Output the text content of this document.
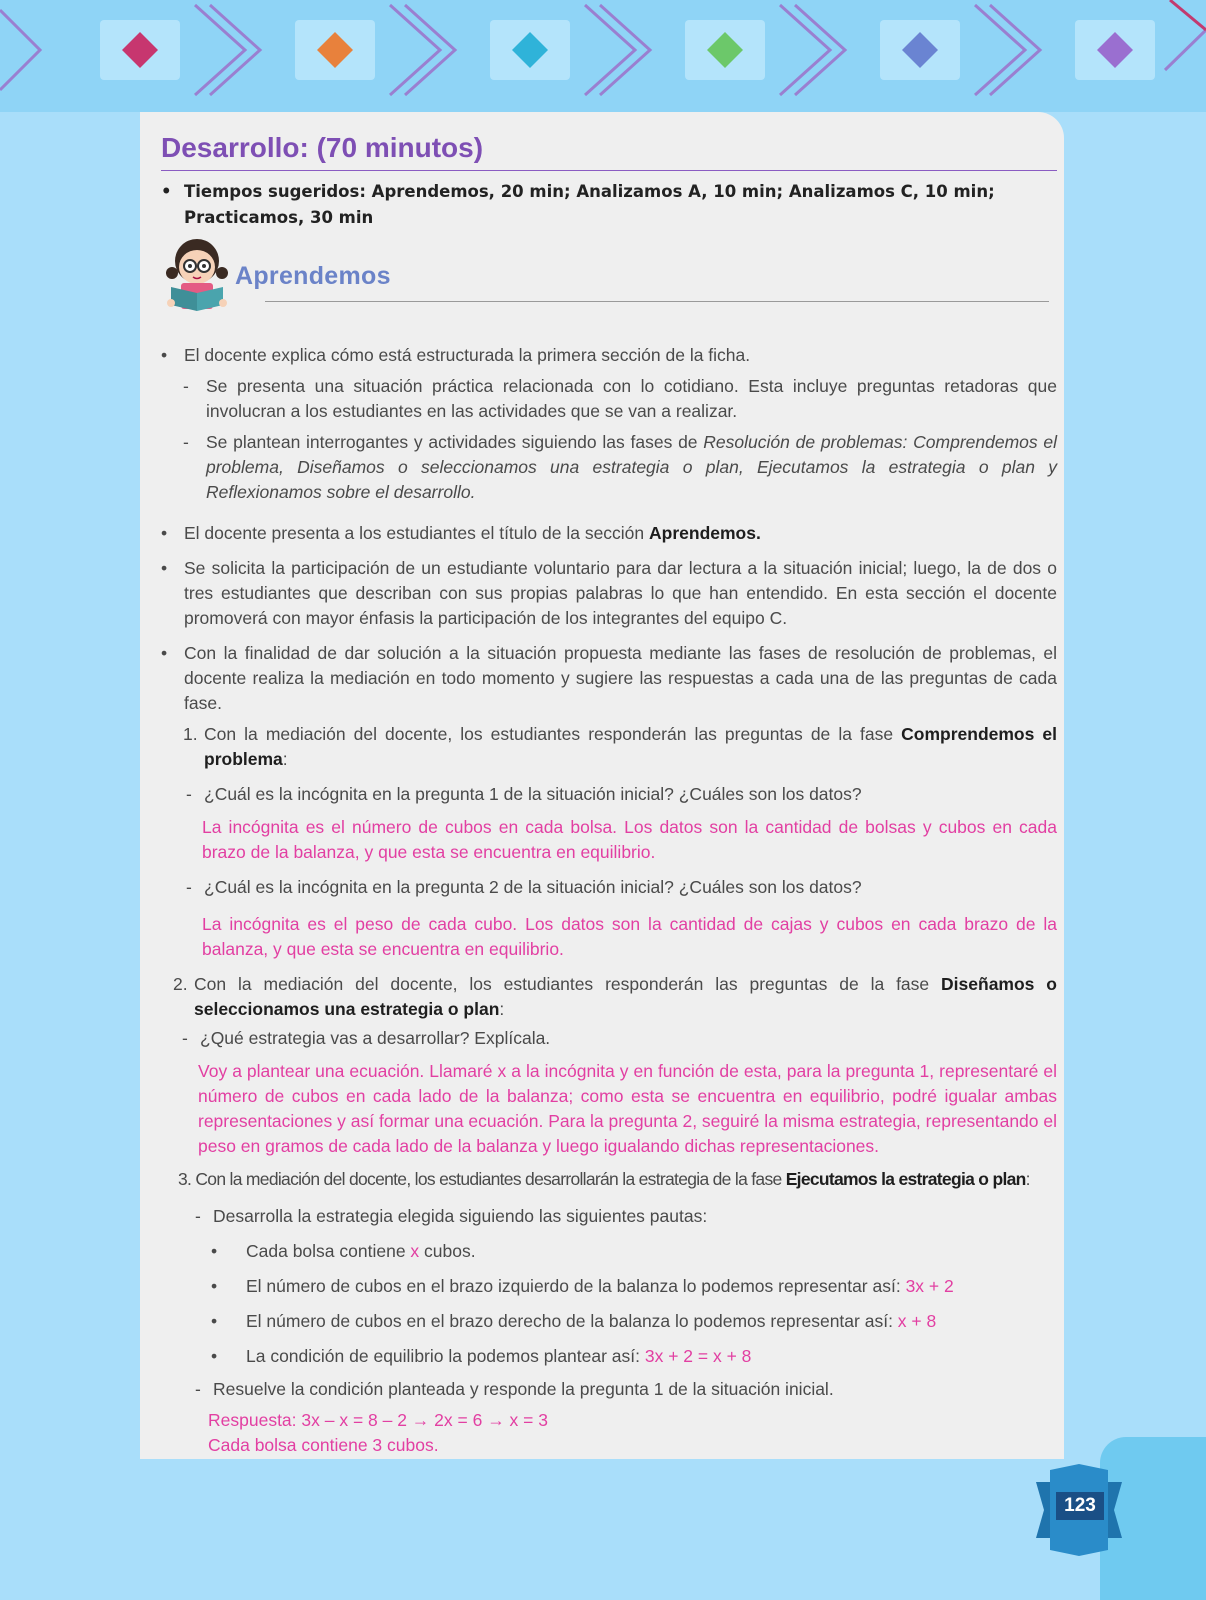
Desarrollo: (70 minutos)
• Tiempos sugeridos: Aprendemos, 20 min; Analizamos A, 10 min; Analizamos C, 10 min;
Practicamos, 30 min
Aprendemos
• El docente explica cómo está estructurada la primera sección de la ficha.
- Se presenta una situación práctica relacionada con lo cotidiano. Esta incluye preguntas retadoras que involucran a los estudiantes en las actividades que se van a realizar.
- Se plantean interrogantes y actividades siguiendo las fases de Resolución de problemas: Comprendemos el problema, Diseñamos o seleccionamos una estrategia o plan, Ejecutamos la estrategia o plan y Reflexionamos sobre el desarrollo.
• El docente presenta a los estudiantes el título de la sección Aprendemos.
• Se solicita la participación de un estudiante voluntario para dar lectura a la situación inicial; luego, la de dos o tres estudiantes que describan con sus propias palabras lo que han entendido. En esta sección el docente promoverá con mayor énfasis la participación de los integrantes del equipo C.
• Con la finalidad de dar solución a la situación propuesta mediante las fases de resolución de problemas, el docente realiza la mediación en todo momento y sugiere las respuestas a cada una de las preguntas de cada fase.
1. Con la mediación del docente, los estudiantes responderán las preguntas de la fase Comprendemos el problema:
- ¿Cuál es la incógnita en la pregunta 1 de la situación inicial? ¿Cuáles son los datos?
La incógnita es el número de cubos en cada bolsa. Los datos son la cantidad de bolsas y cubos en cada brazo de la balanza, y que esta se encuentra en equilibrio.
- ¿Cuál es la incógnita en la pregunta 2 de la situación inicial? ¿Cuáles son los datos?
La incógnita es el peso de cada cubo. Los datos son la cantidad de cajas y cubos en cada brazo de la balanza, y que esta se encuentra en equilibrio.
2. Con la mediación del docente, los estudiantes responderán las preguntas de la fase Diseñamos o seleccionamos una estrategia o plan:
- ¿Qué estrategia vas a desarrollar? Explícala.
Voy a plantear una ecuación. Llamaré x a la incógnita y en función de esta, para la pregunta 1, representaré el número de cubos en cada lado de la balanza; como esta se encuentra en equilibrio, podré igualar ambas representaciones y así formar una ecuación. Para la pregunta 2, seguiré la misma estrategia, representando el peso en gramos de cada lado de la balanza y luego igualando dichas representaciones.
3. Con la mediación del docente, los estudiantes desarrollarán la estrategia de la fase Ejecutamos la estrategia o plan:
- Desarrolla la estrategia elegida siguiendo las siguientes pautas:
• Cada bolsa contiene x cubos.
• El número de cubos en el brazo izquierdo de la balanza lo podemos representar así: 3x + 2
• El número de cubos en el brazo derecho de la balanza lo podemos representar así: x + 8
• La condición de equilibrio la podemos plantear así: 3x + 2 = x + 8
- Resuelve la condición planteada y responde la pregunta 1 de la situación inicial.
Respuesta: 3x – x = 8 – 2 → 2x = 6 → x = 3
Cada bolsa contiene 3 cubos.
123
